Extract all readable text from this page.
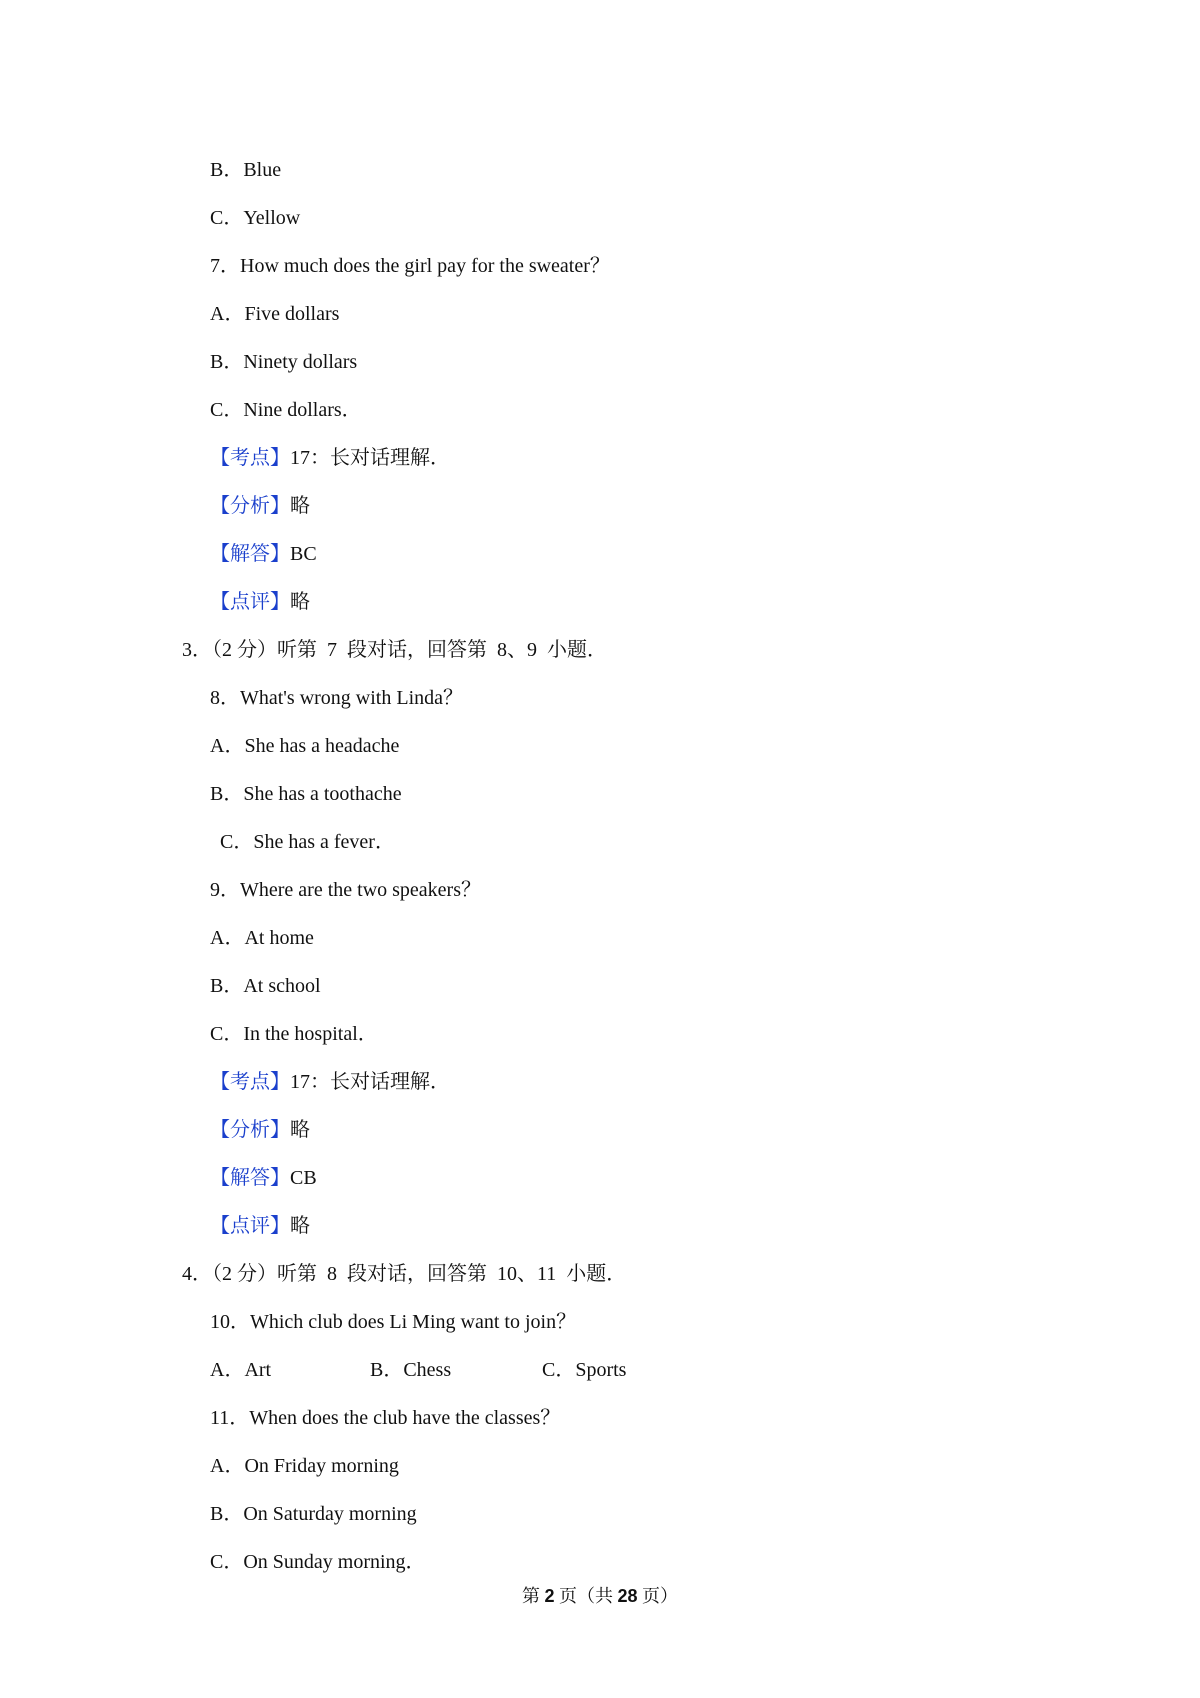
B．Blue
C．Yellow
7．How much does the girl pay for the sweater？
A．Five dollars
B．Ninety dollars
C．Nine dollars．
【考点】17：长对话理解．
【分析】略
【解答】BC
【点评】略
3．（2 分）听第  7  段对话，回答第  8、9  小题．
8．What's wrong with Linda？
A．She has a headache
B．She has a toothache
C．She has a fever．
9．Where are the two speakers？
A．At home
B．At school
C．In the hospital．
【考点】17：长对话理解．
【分析】略
【解答】CB
【点评】略
4．（2 分）听第  8  段对话，回答第  10、11  小题．
10．Which club does Li Ming want to join？
A．Art	B．Chess	C．Sports
11．When does the club have the classes？
A．On Friday morning
B．On Saturday morning
C．On Sunday morning．
第 2 页（共 28 页）
